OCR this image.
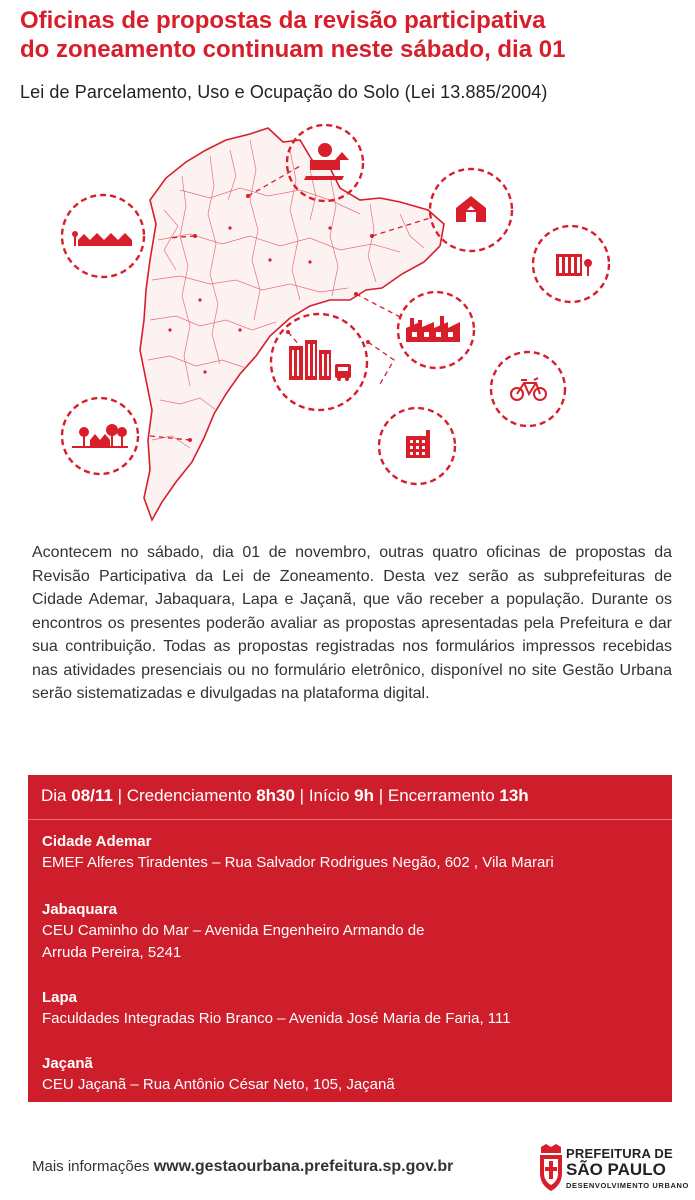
Oficinas de propostas da revisão participativa
do zoneamento continuam neste sábado, dia 01
Lei de Parcelamento, Uso e Ocupação do Solo (Lei 13.885/2004)
Acontecem no sábado, dia 01 de novembro, outras quatro oficinas de propostas da Revisão Participativa da Lei de Zoneamento. Desta vez serão as subprefeituras de Cidade Ademar, Jabaquara, Lapa e Jaçanã, que vão receber a população. Durante os encontros os presentes poderão avaliar as propostas apresentadas pela Prefeitura e dar sua contribuição. Todas as propostas registradas nos formulários impressos recebidas nas atividades presenciais ou no formulário eletrônico, disponível no site Gestão Urbana serão sistematizadas e divulgadas na plataforma digital.
Dia 08/11 | Credenciamento 8h30 | Início 9h | Encerramento 13h
Cidade Ademar
EMEF Alferes Tiradentes – Rua Salvador Rodrigues Negão, 602 , Vila Marari
Jabaquara
CEU Caminho do Mar – Avenida Engenheiro Armando de
Arruda Pereira, 5241
Lapa
Faculdades Integradas Rio Branco – Avenida José Maria de Faria, 111
Jaçanã
CEU Jaçanã – Rua Antônio César Neto, 105, Jaçanã
Mais informações www.gestaourbana.prefeitura.sp.gov.br
PREFEITURA DE
SÃO PAULO
DESENVOLVIMENTO URBANO
